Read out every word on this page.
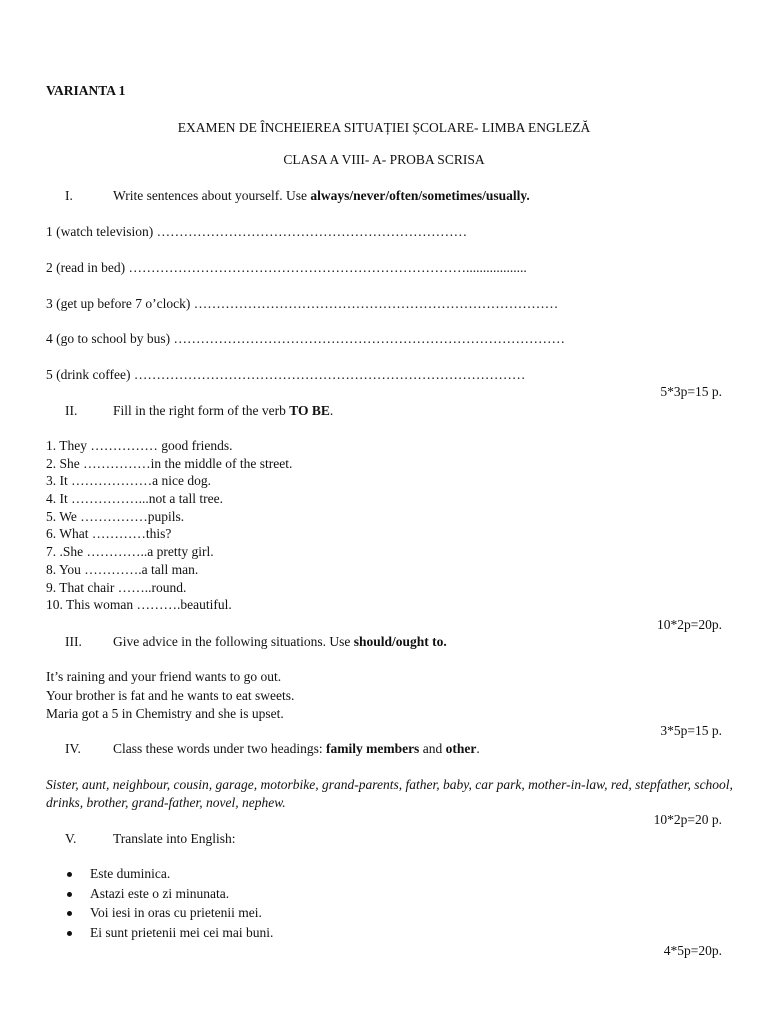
VARIANTA 1
EXAMEN DE ÎNCHEIEREA SITUAȚIEI ȘCOLARE- LIMBA ENGLEZĂ
CLASA A VIII- A- PROBA SCRISA
I.	Write sentences about yourself. Use always/never/often/sometimes/usually.
1 (watch television) ……………………………………………………………
2 (read in bed) …………………………………………………………………..................
3 (get up before 7 o’clock) ………………………………………………………………………
4 (go to school by bus) ……………………………………………………………………………
5 (drink coffee) ……………………………………………………………………………
5*3p=15 p.
II.	Fill in the right form of the verb TO BE.
1. They …………… good friends.
2. She ……………in the middle of the street.
3. It ………………a nice dog.
4. It ……………...not a tall tree.
5. We ……………pupils.
6. What …………this?
7. .She …………..a pretty girl.
8. You ………….a tall man.
9. That chair ……..round.
10. This woman ……….beautiful.
10*2p=20p.
III. Give advice in the following situations. Use should/ought to.
It’s raining and your friend wants to go out.
Your brother is fat and he wants to eat sweets.
Maria got a 5 in Chemistry and she is upset.
3*5p=15 p.
IV. Class these words under two headings: family members and other.
Sister, aunt, neighbour, cousin, garage, motorbike, grand-parents, father, baby, car park, mother-in-law, red, stepfather, school, drinks, brother, grand-father, novel, nephew.
10*2p=20 p.
V.	Translate into English:
Este duminica.
Astazi este o zi minunata.
Voi iesi in oras cu prietenii mei.
Ei sunt prietenii mei cei mai buni.
4*5p=20p.
